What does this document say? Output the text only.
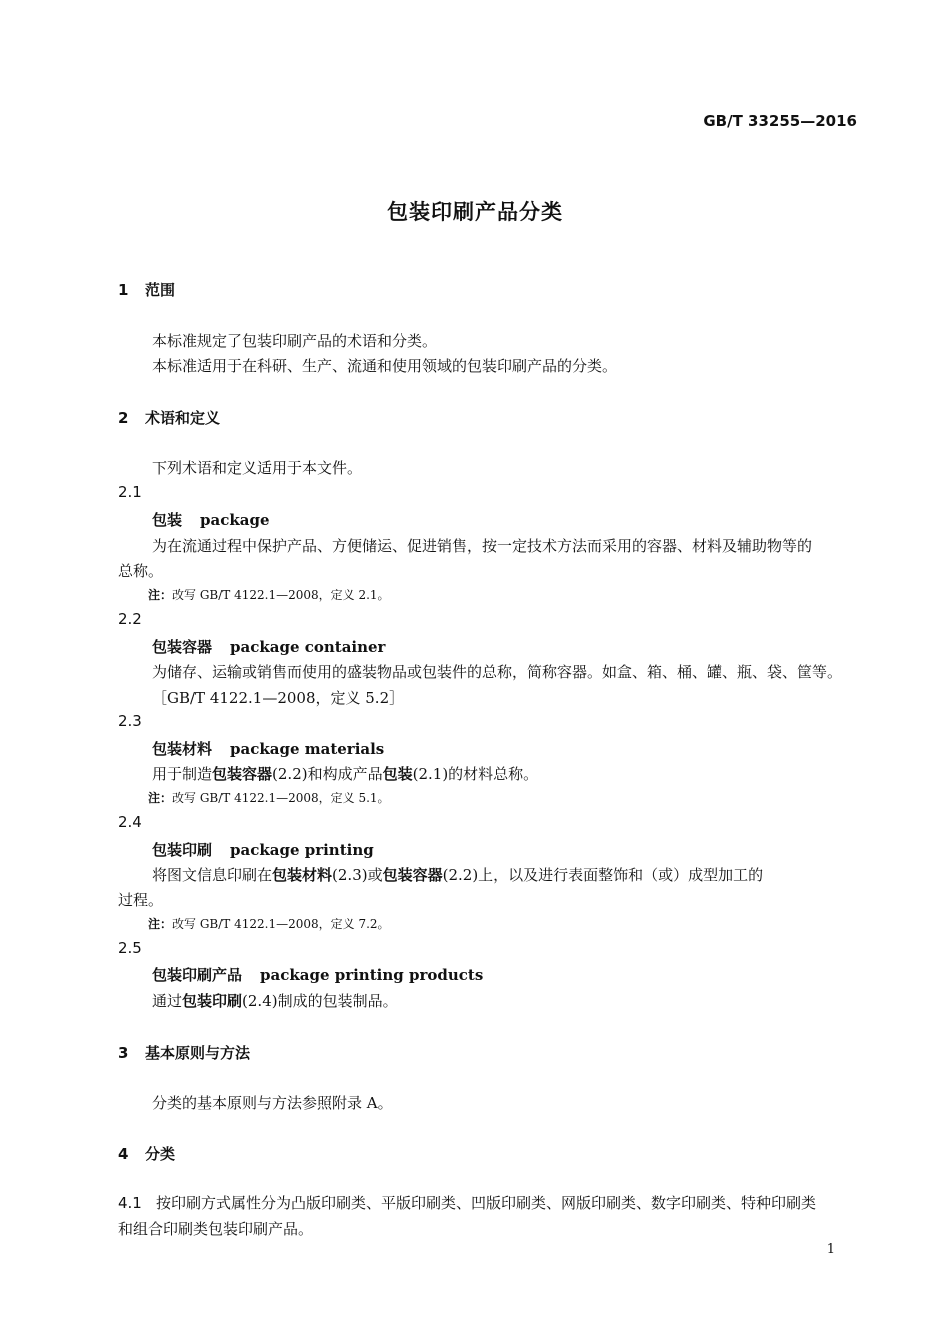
GB/T 33255—2016
包装印刷产品分类
1 范围
本标准规定了包装印刷产品的术语和分类。
本标准适用于在科研、生产、流通和使用领域的包装印刷产品的分类。
2 术语和定义
下列术语和定义适用于本文件。
2.1
包装 package
为在流通过程中保护产品、方便储运、促进销售，按一定技术方法而采用的容器、材料及辅助物等的
总称。
注：改写 GB/T 4122.1—2008，定义 2.1。
2.2
包装容器 package container
为储存、运输或销售而使用的盛装物品或包装件的总称，简称容器。如盒、箱、桶、罐、瓶、袋、筐等。
［GB/T 4122.1—2008，定义 5.2］
2.3
包装材料 package materials
用于制造包装容器(2.2)和构成产品包装(2.1)的材料总称。
注：改写 GB/T 4122.1—2008，定义 5.1。
2.4
包装印刷 package printing
将图文信息印刷在包装材料(2.3)或包装容器(2.2)上，以及进行表面整饰和（或）成型加工的
过程。
注：改写 GB/T 4122.1—2008，定义 7.2。
2.5
包装印刷产品 package printing products
通过包装印刷(2.4)制成的包装制品。
3 基本原则与方法
分类的基本原则与方法参照附录 A。
4 分类
4.1 按印刷方式属性分为凸版印刷类、平版印刷类、凹版印刷类、网版印刷类、数字印刷类、特种印刷类
和组合印刷类包装印刷产品。
1
